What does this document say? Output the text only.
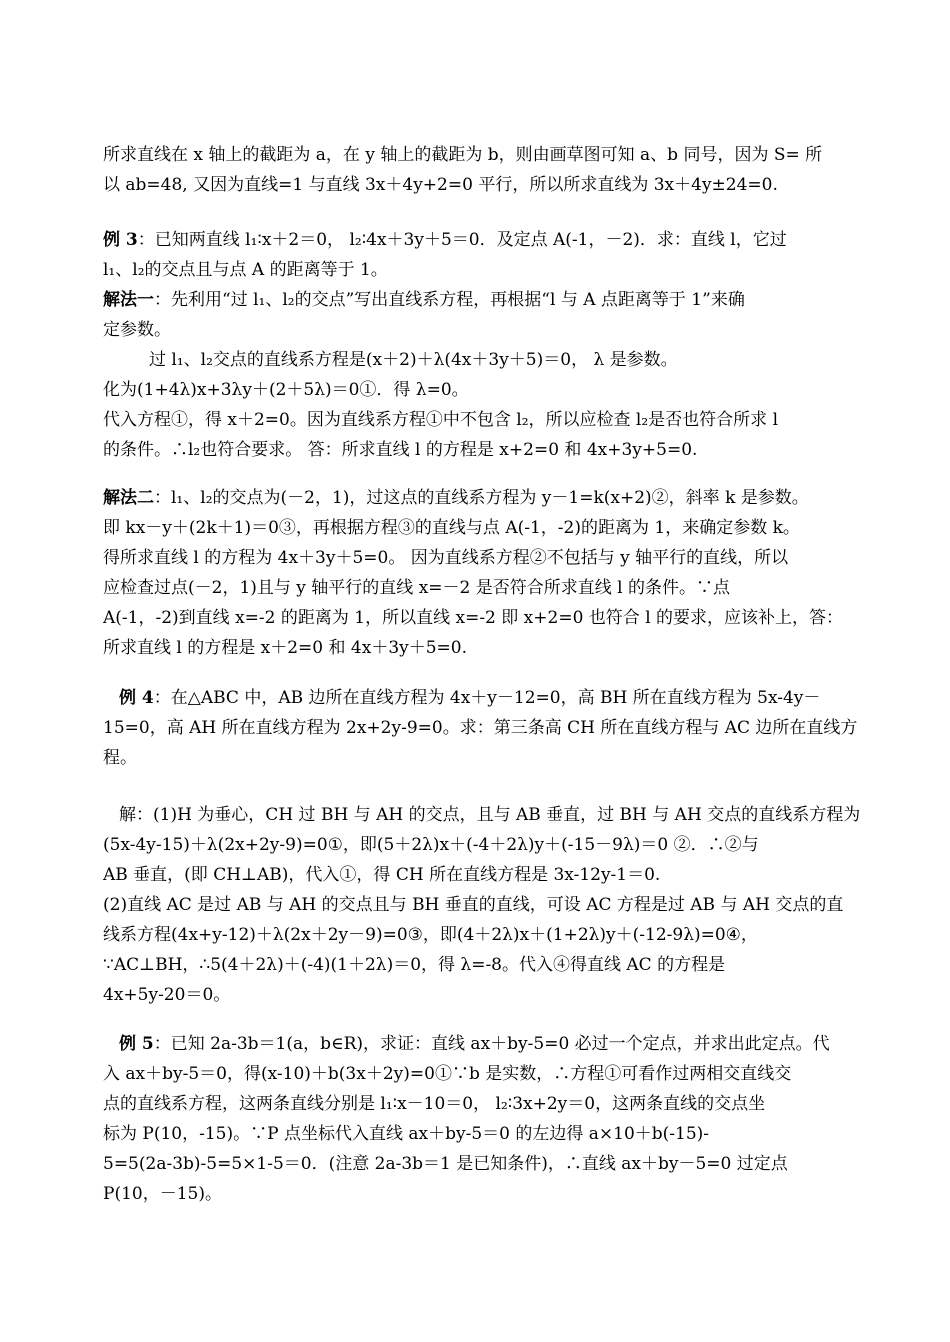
所求直线在 x 轴上的截距为 a，在 y 轴上的截距为 b，则由画草图可知 a、b 同号，因为 S= 所
以 ab=48, 又因为直线=1 与直线 3x＋4y+2=0 平行，所以所求直线为 3x＋4y±24=0.
例 3：已知两直线 l₁∶x＋2＝0， l₂∶4x＋3y＋5＝0．及定点 A(-1，－2)．求：直线 l，它过
l₁、l₂的交点且与点 A 的距离等于 1。
解法一：先利用“过 l₁、l₂的交点”写出直线系方程，再根据“l 与 A 点距离等于 1”来确
定参数。
过 l₁、l₂交点的直线系方程是(x＋2)＋λ(4x＋3y＋5)＝0， λ 是参数。
化为(1+4λ)x+3λy＋(2＋5λ)＝0①．得 λ=0。
代入方程①，得 x＋2=0。因为直线系方程①中不包含 l₂，所以应检查 l₂是否也符合所求 l
的条件。∴l₂也符合要求。 答：所求直线 l 的方程是 x+2=0 和 4x+3y+5=0.
解法二：l₁、l₂的交点为(－2，1)，过这点的直线系方程为 y－1=k(x+2)②，斜率 k 是参数。
即 kx－y＋(2k＋1)＝0③，再根据方程③的直线与点 A(-1，-2)的距离为 1，来确定参数 k。
得所求直线 l 的方程为 4x＋3y＋5=0。 因为直线系方程②不包括与 y 轴平行的直线，所以
应检查过点(－2，1)且与 y 轴平行的直线 x=－2 是否符合所求直线 l 的条件。∵点
A(-1，-2)到直线 x=-2 的距离为 1，所以直线 x=-2 即 x+2=0 也符合 l 的要求，应该补上，答：
所求直线 l 的方程是 x＋2=0 和 4x＋3y＋5=0.
例 4：在△ABC 中，AB 边所在直线方程为 4x＋y－12=0，高 BH 所在直线方程为 5x-4y－
15=0，高 AH 所在直线方程为 2x+2y-9=0。求：第三条高 CH 所在直线方程与 AC 边所在直线方
程。
解：(1)H 为垂心，CH 过 BH 与 AH 的交点，且与 AB 垂直，过 BH 与 AH 交点的直线系方程为
(5x-4y-15)＋λ(2x+2y-9)=0①，即(5＋2λ)x＋(-4＋2λ)y＋(-15－9λ)＝0 ②．∴②与
AB 垂直，(即 CH⊥AB)，代入①，得 CH 所在直线方程是 3x-12y-1＝0.
(2)直线 AC 是过 AB 与 AH 的交点且与 BH 垂直的直线，可设 AC 方程是过 AB 与 AH 交点的直
线系方程(4x+y-12)＋λ(2x＋2y－9)=0③，即(4＋2λ)x＋(1+2λ)y＋(-12-9λ)=0④，
∵AC⊥BH，∴5(4＋2λ)＋(-4)(1＋2λ)＝0，得 λ=-8。代入④得直线 AC 的方程是
4x+5y-20＝0。
例 5：已知 2a-3b＝1(a，b∈R)，求证：直线 ax＋by-5=0 必过一个定点，并求出此定点。代
入 ax＋by-5＝0，得(x-10)＋b(3x＋2y)=0①∵b 是实数，∴方程①可看作过两相交直线交
点的直线系方程，这两条直线分别是 l₁∶x－10＝0， l₂∶3x+2y＝0，这两条直线的交点坐
标为 P(10，-15)。∵P 点坐标代入直线 ax＋by-5＝0 的左边得 a×10＋b(-15)-
5=5(2a-3b)-5=5×1-5＝0．(注意 2a-3b＝1 是已知条件)，∴直线 ax＋by－5=0 过定点
P(10，－15)。
